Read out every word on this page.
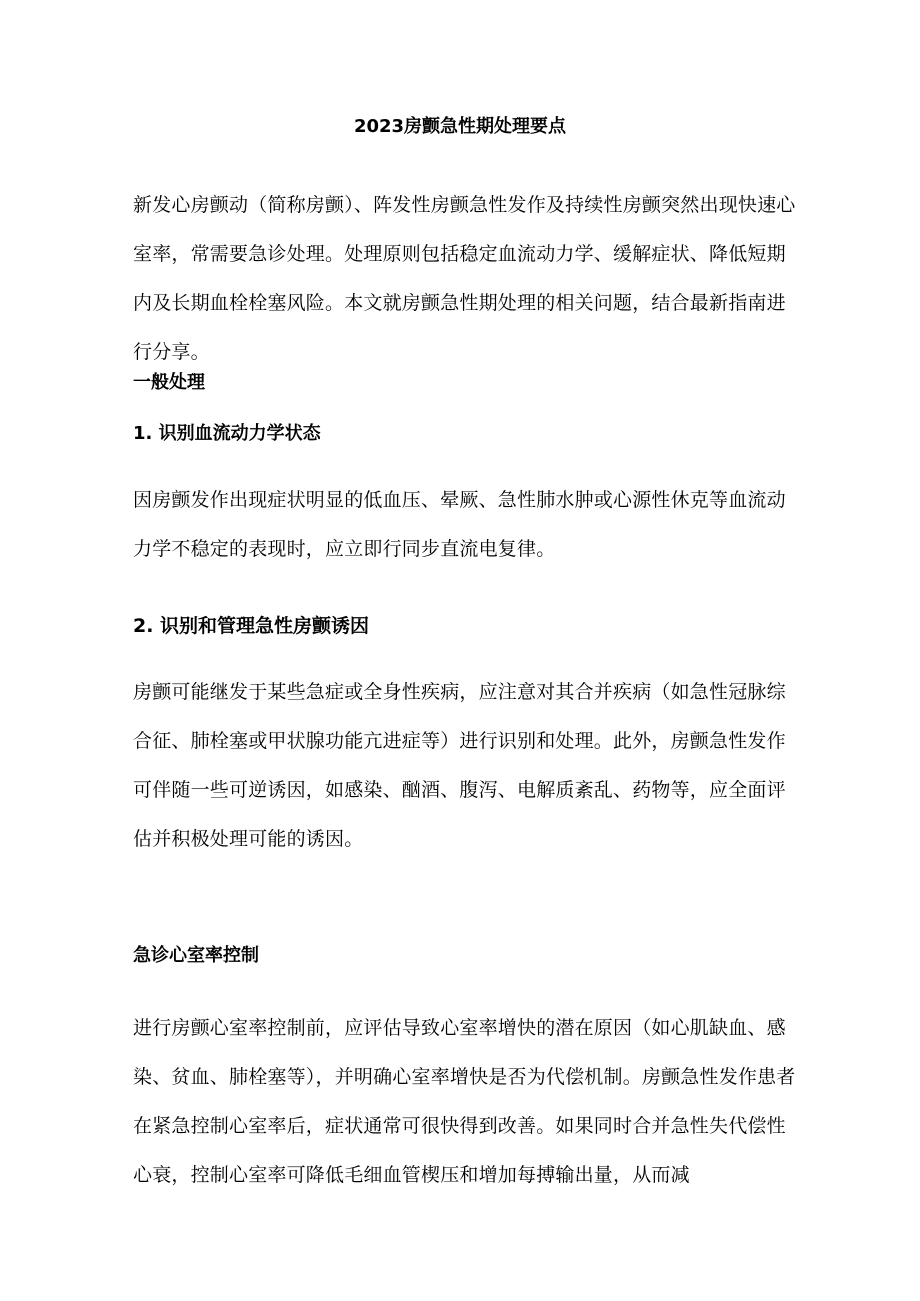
2023房颤急性期处理要点

新发心房颤动（简称房颤）、阵发性房颤急性发作及持续性房颤突然出现快速心室率，常需要急诊处理。处理原则包括稳定血流动力学、缓解症状、降低短期内及长期血栓栓塞风险。本文就房颤急性期处理的相关问题，结合最新指南进行分享。

一般处理
1. 识别血流动力学状态

因房颤发作出现症状明显的低血压、晕厥、急性肺水肿或心源性休克等血流动力学不稳定的表现时，应立即行同步直流电复律。

2. 识别和管理急性房颤诱因

房颤可能继发于某些急症或全身性疾病，应注意对其合并疾病（如急性冠脉综合征、肺栓塞或甲状腺功能亢进症等）进行识别和处理。此外，房颤急性发作可伴随一些可逆诱因，如感染、酗酒、腹泻、电解质紊乱、药物等，应全面评估并积极处理可能的诱因。

急诊心室率控制

进行房颤心室率控制前，应评估导致心室率增快的潜在原因（如心肌缺血、感染、贫血、肺栓塞等），并明确心室率增快是否为代偿机制。房颤急性发作患者在紧急控制心室率后，症状通常可很快得到改善。如果同时合并急性失代偿性心衰，控制心室率可降低毛细血管楔压和增加每搏输出量，从而减
